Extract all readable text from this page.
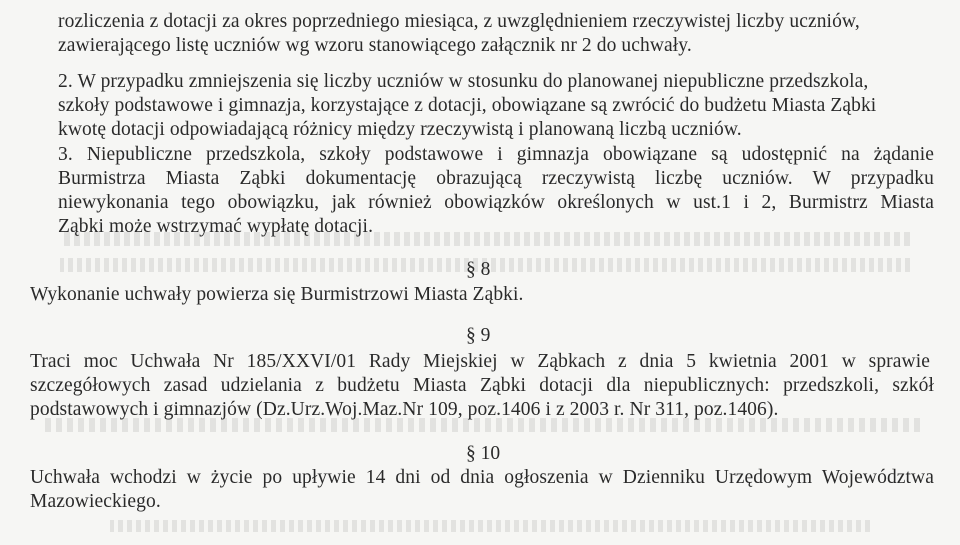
rozliczenia z dotacji za okres poprzedniego miesiąca, z uwzględnieniem rzeczywistej liczby uczniów,
zawierającego listę uczniów wg wzoru stanowiącego załącznik nr 2 do uchwały.
2. W przypadku zmniejszenia się liczby uczniów w stosunku do planowanej niepubliczne przedszkola,
szkoły podstawowe i gimnazja, korzystające z dotacji, obowiązane są zwrócić do budżetu Miasta Ząbki
kwotę dotacji odpowiadającą różnicy między rzeczywistą i planowaną liczbą uczniów.
3. Niepubliczne przedszkola, szkoły podstawowe i gimnazja obowiązane są udostępnić na żądanie
Burmistrza Miasta Ząbki dokumentację obrazującą rzeczywistą liczbę uczniów. W przypadku
niewykonania tego obowiązku, jak również obowiązków określonych w ust.1 i 2, Burmistrz Miasta
Ząbki może wstrzymać wypłatę dotacji.
§ 8
Wykonanie uchwały powierza się Burmistrzowi Miasta Ząbki.
§ 9
Traci moc Uchwała Nr 185/XXVI/01 Rady Miejskiej w Ząbkach z dnia 5 kwietnia 2001 w sprawie
szczegółowych zasad udzielania z budżetu Miasta Ząbki dotacji dla niepublicznych: przedszkoli, szkół
podstawowych i gimnazjów (Dz.Urz.Woj.Maz.Nr 109, poz.1406 i z 2003 r. Nr 311, poz.1406).
§ 10
Uchwała wchodzi w życie po upływie 14 dni od dnia ogłoszenia w Dzienniku Urzędowym Województwa
Mazowieckiego.
